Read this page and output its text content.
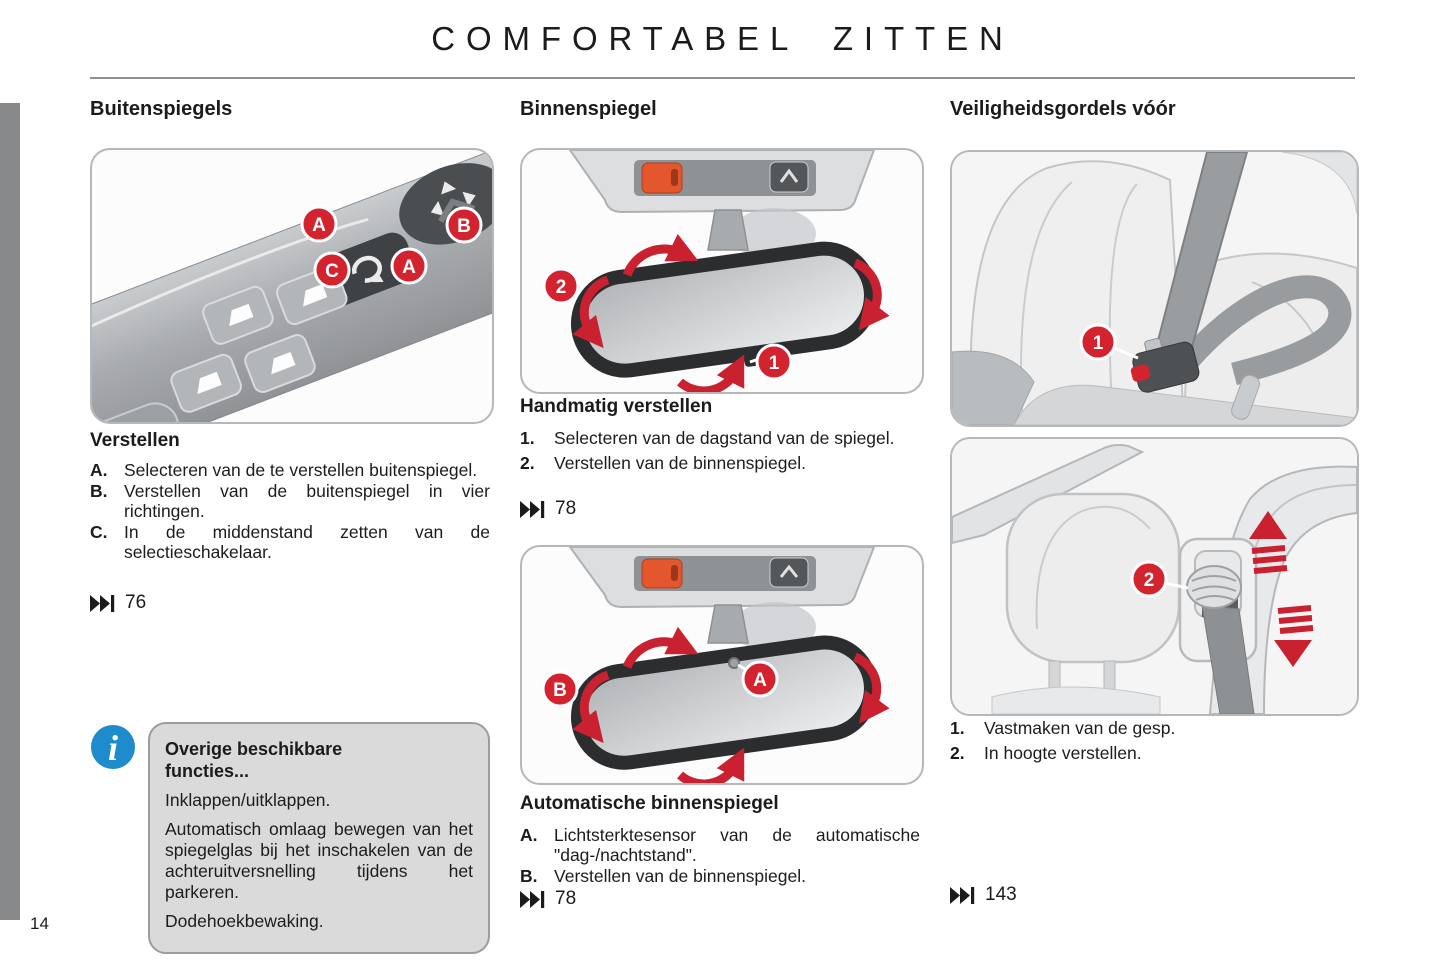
COMFORTABEL ZITTEN
Buitenspiegels
A	B
C	A
Verstellen
A. Selecteren van de te verstellen buitenspiegel.
B. Verstellen van de buitenspiegel in vier richtingen.
C. In de middenstand zetten van de selectieschakelaar.
76
i	Overige beschikbare functies...

Inklappen/uitklappen.

Automatisch omlaag bewegen van het spiegelglas bij het inschakelen van de achteruitversnelling tijdens het parkeren.

Dodehoekbewaking.

Binnenspiegel
2
1
Handmatig verstellen
1.	Selecteren van de dagstand van de spiegel.
2.	Verstellen van de binnenspiegel.
78
B	A
Automatische binnenspiegel
A. Lichtsterktesensor van de automatische "dag-/nachtstand".
B. Verstellen van de binnenspiegel.
78
Veiligheidsgordels vóór
1
2
1.	Vastmaken van de gesp.
2.	In hoogte verstellen.
143
14
